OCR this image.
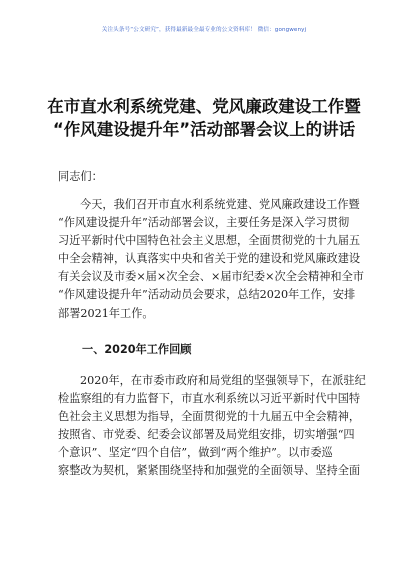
关注头条号“公文研究”，获得最新最全最专业的公文资料库！ 微信：gongwenyj
在市直水利系统党建、党风廉政建设工作暨
“作风建设提升年”活动部署会议上的讲话

同志们：

今天，我们召开市直水利系统党建、党风廉政建设工作暨
“作风建设提升年”活动部署会议，主要任务是深入学习贯彻
习近平新时代中国特色社会主义思想，全面贯彻党的十九届五
中全会精神，认真落实中央和省关于党的建设和党风廉政建设
有关会议及市委×届×次全会、×届市纪委×次全会精神和全市
“作风建设提升年”活动动员会要求，总结2020年工作，安排
部署2021年工作。

一、2020年工作回顾

2020年，在市委市政府和局党组的坚强领导下，在派驻纪
检监察组的有力监督下，市直水利系统以习近平新时代中国特
色社会主义思想为指导，全面贯彻党的十九届五中全会精神，
按照省、市党委、纪委会议部署及局党组安排，切实增强“四
个意识”、坚定“四个自信”，做到“两个维护”。以市委巡
察整改为契机，紧紧围绕坚持和加强党的全面领导、坚持全面
